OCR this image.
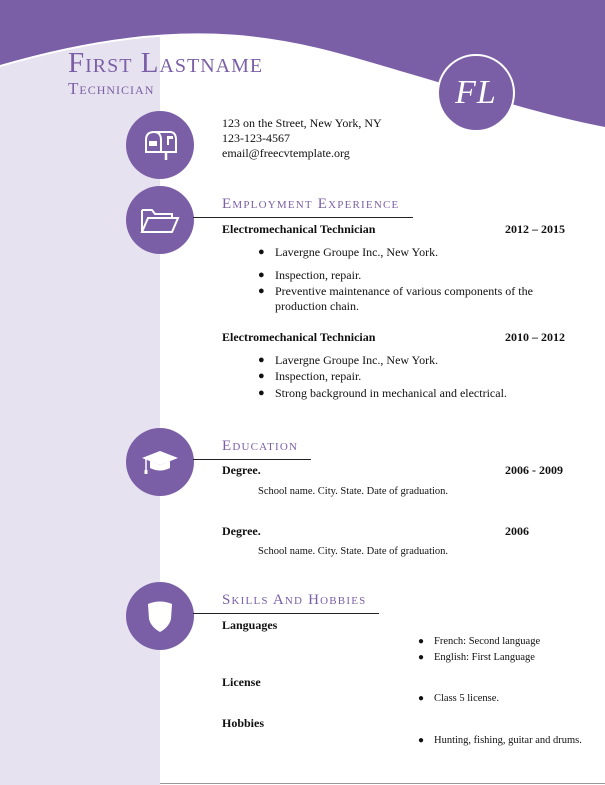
First Lastname
Technician	FL
123 on the Street, New York, NY
123-123-4567
email@freecvtemplate.org
Employment Experience
Electromechanical Technician	2012 – 2015
● Lavergne Groupe Inc., New York.
● Inspection, repair.
● Preventive maintenance of various components of the production chain.
Electromechanical Technician	2010 – 2012
● Lavergne Groupe Inc., New York.
● Inspection, repair.
● Strong background in mechanical and electrical.
Education
Degree.	2006 - 2009
School name. City. State. Date of graduation.
Degree.	2006
School name. City. State. Date of graduation.
Skills And Hobbies
Languages
● French: Second language
● English: First Language
License
● Class 5 license.
Hobbies
● Hunting, fishing, guitar and drums.
